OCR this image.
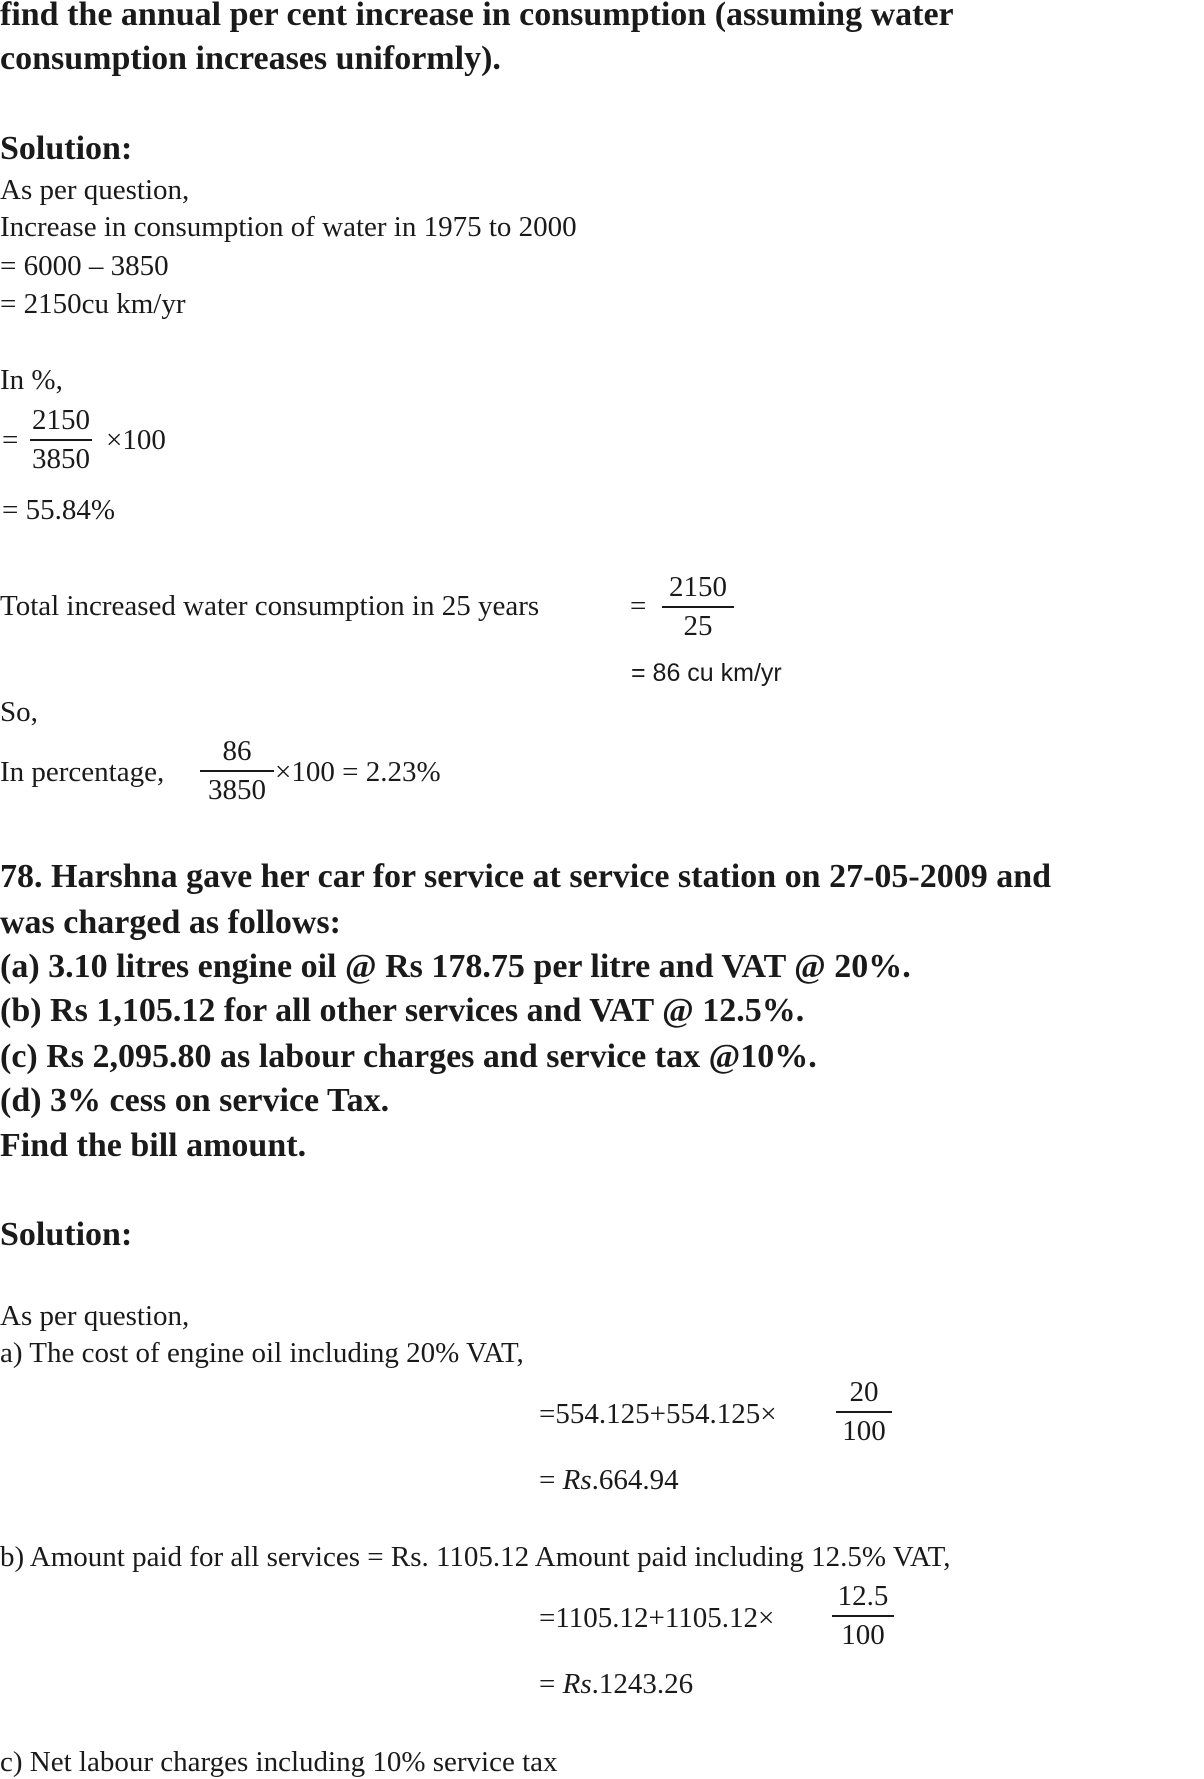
find the annual per cent increase in consumption (assuming water
consumption increases uniformly).
Solution:
As per question,
Increase in consumption of water in 1975 to 2000
= 6000 – 3850
= 2150cu km/yr
In %,
= $\frac{2150}{3850} \times 100$
= 55.84%
Total increased water consumption in 25 years	= $\frac{2150}{25}$
= 86 cu km/yr
So,
In percentage, $\frac{86}{3850} \times 100 = 2.23\%$
78. Harshna gave her car for service at service station on 27-05-2009 and
was charged as follows:
(a) 3.10 litres engine oil @ Rs 178.75 per litre and VAT @ 20%.
(b) Rs 1,105.12 for all other services and VAT @ 12.5%.
(c) Rs 2,095.80 as labour charges and service tax @10%.
(d) 3% cess on service Tax.
Find the bill amount.
Solution:
As per question,
a) The cost of engine oil including 20% VAT,
$=554.125+554.125\times \frac{20}{100}$
= Rs.664.94
b) Amount paid for all services = Rs. 1105.12 Amount paid including 12.5% VAT,
$=1105.12+1105.12\times \frac{12.5}{100}$
= Rs.1243.26
c) Net labour charges including 10% service tax
